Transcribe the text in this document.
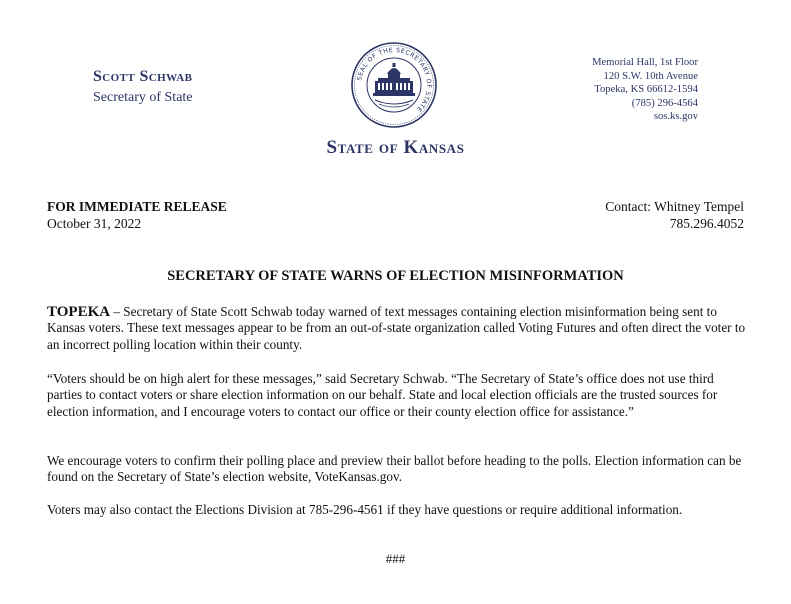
Scott Schwab
Secretary of State
SEAL OF THE SECRETARY OF STATE
State of Kansas
Memorial Hall, 1st Floor
120 S.W. 10th Avenue
Topeka, KS 66612-1594
(785) 296-4564
sos.ks.gov
FOR IMMEDIATE RELEASE
October 31, 2022
Contact: Whitney Tempel
785.296.4052
SECRETARY OF STATE WARNS OF ELECTION MISINFORMATION
TOPEKA – Secretary of State Scott Schwab today warned of text messages containing election misinformation being sent to Kansas voters. These text messages appear to be from an out-of-state organization called Voting Futures and often direct the voter to an incorrect polling location within their county.
“Voters should be on high alert for these messages,” said Secretary Schwab. “The Secretary of State’s office does not use third parties to contact voters or share election information on our behalf. State and local election officials are the trusted sources for election information, and I encourage voters to contact our office or their county election office for assistance.”
We encourage voters to confirm their polling place and preview their ballot before heading to the polls. Election information can be found on the Secretary of State’s election website, VoteKansas.gov.
Voters may also contact the Elections Division at 785-296-4561 if they have questions or require additional information.
###
